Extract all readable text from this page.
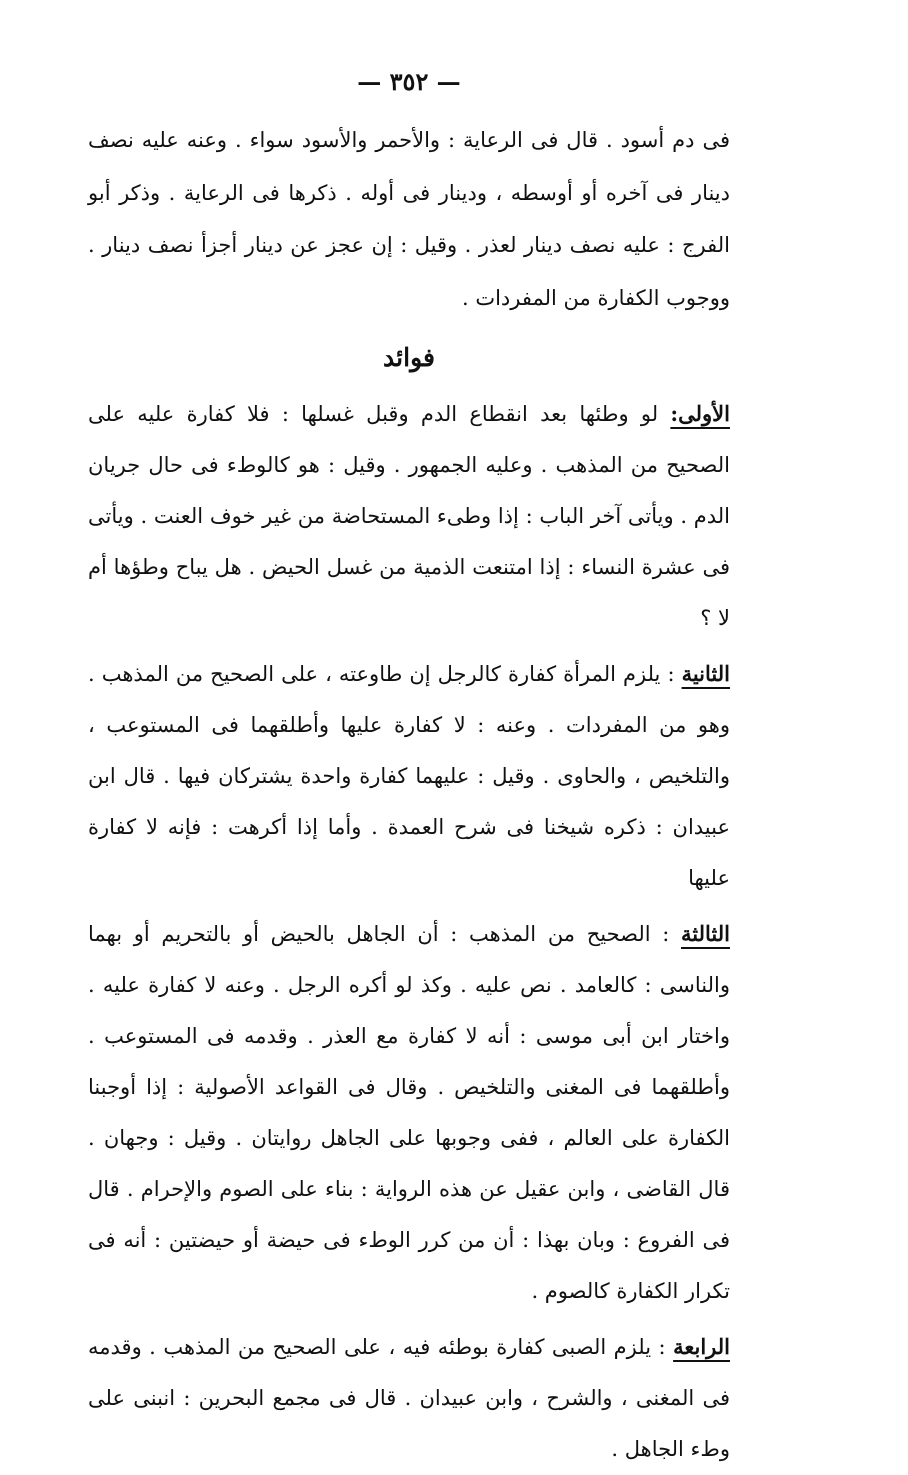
— ٣٥٢ —

فى دم أسود . قال فى الرعاية : والأحمر والأسود سواء . وعنه عليه نصف دينار فى آخره أو أوسطه ، ودينار فى أوله . ذكرها فى الرعاية . وذكر أبو الفرج : عليه نصف دينار لعذر . وقيل : إن عجز عن دينار أجزأ نصف دينار . ووجوب الكفارة من المفردات .

فوائد

الأولى: لو وطئها بعد انقطاع الدم وقبل غسلها : فلا كفارة عليه على الصحيح من المذهب . وعليه الجمهور . وقيل : هو كالوطء فى حال جريان الدم . ويأتى آخر الباب : إذا وطىء المستحاضة من غير خوف العنت . ويأتى فى عشرة النساء : إذا امتنعت الذمية من غسل الحيض . هل يباح وطؤها أم لا ؟

الثانية : يلزم المرأة كفارة كالرجل إن طاوعته ، على الصحيح من المذهب . وهو من المفردات . وعنه : لا كفارة عليها وأطلقهما فى المستوعب ، والتلخيص ، والحاوى . وقيل : عليهما كفارة واحدة يشتركان فيها . قال ابن عبيدان : ذكره شيخنا فى شرح العمدة . وأما إذا أكرهت : فإنه لا كفارة عليها

الثالثة : الصحيح من المذهب : أن الجاهل بالحيض أو بالتحريم أو بهما والناسى : كالعامد . نص عليه . وكذ لو أكره الرجل . وعنه لا كفارة عليه . واختار ابن أبى موسى : أنه لا كفارة مع العذر . وقدمه فى المستوعب . وأطلقهما فى المغنى والتلخيص . وقال فى القواعد الأصولية : إذا أوجبنا الكفارة على العالم ، ففى وجوبها على الجاهل روايتان . وقيل : وجهان . قال القاضى ، وابن عقيل عن هذه الرواية : بناء على الصوم والإحرام . قال فى الفروع : وبان بهذا : أن من كرر الوطء فى حيضة أو حيضتين : أنه فى تكرار الكفارة كالصوم .

الرابعة : يلزم الصبى كفارة بوطئه فيه ، على الصحيح من المذهب . وقدمه فى المغنى ، والشرح ، وابن عبيدان . قال فى مجمع البحرين : انبنى على وطء الجاهل .
